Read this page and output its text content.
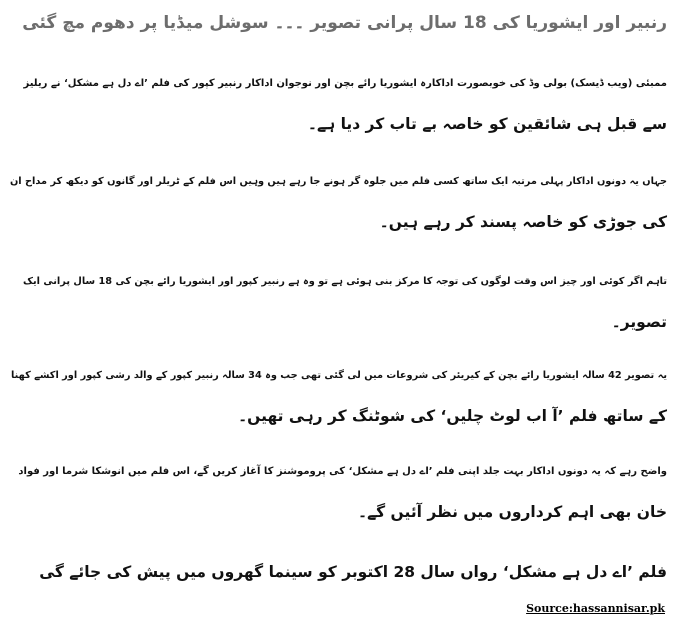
رنبیر اور ایشوریا کی 18 سال پرانی تصویر ۔۔۔ سوشل میڈیا پر دھوم مچ گئی
ممبئی (ویب ڈیسک) بولی وڈ کی خوبصورت اداکارہ ایشوریا رائے بچن اور نوجوان اداکار رنبیر کپور کی فلم ’اے دل ہے مشکل‘ نے ریلیز
سے قبل ہی شائقین کو خاصہ بے تاب کر دیا ہے۔
جہاں یہ دونوں اداکار پہلی مرتبہ ایک ساتھ کسی فلم میں جلوہ گر ہونے جا رہے ہیں وہیں اس فلم کے ٹریلر اور گانوں کو دیکھ کر مداح ان
کی جوڑی کو خاصہ پسند کر رہے ہیں۔
تاہم اگر کوئی اور چیز اس وقت لوگوں کی توجہ کا مرکز بنی ہوئی ہے تو وہ ہے رنبیر کپور اور ایشوریا رائے بچن کی 18 سال پرانی ایک
تصویر۔
یہ تصویر 42 سالہ ایشوریا رائے بچن کے کیریئر کی شروعات میں لی گئی تھی جب وہ 34 سالہ رنبیر کپور کے والد رشی کپور اور اکشے کھنا
کے ساتھ فلم ’آ اب لوٹ چلیں‘ کی شوٹنگ کر رہی تھیں۔
واضح رہے کہ یہ دونوں اداکار بہت جلد اپنی فلم ’اے دل ہے مشکل‘ کی پروموشنز کا آغاز کریں گے، اس فلم میں انوشکا شرما اور فواد
خان بھی اہم کرداروں میں نظر آئیں گے۔
فلم ’اے دل ہے مشکل‘ رواں سال 28 اکتوبر کو سینما گھروں میں پیش کی جائے گی
Source:hassannisar.pk
